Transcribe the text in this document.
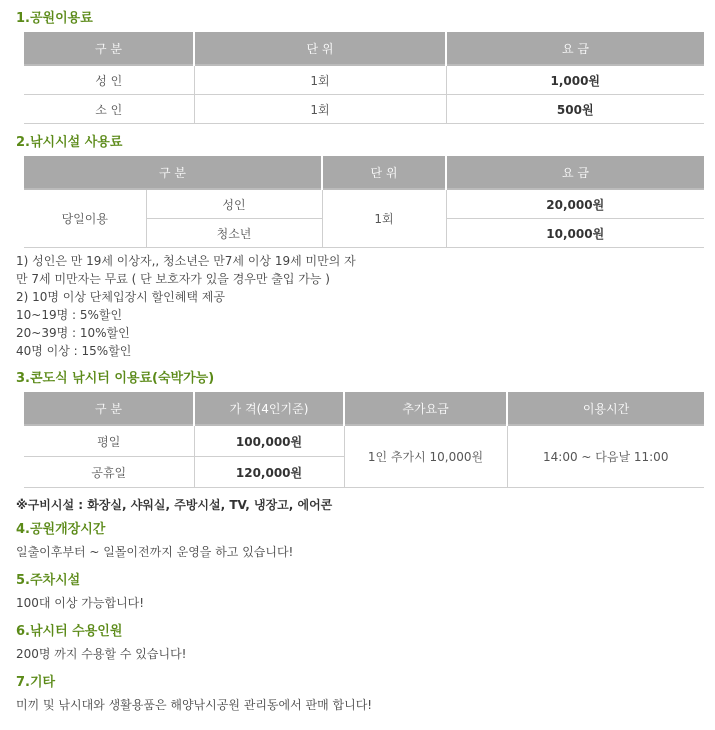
1.공원이용료
구 분	단 위	요 금
성 인	1회	1,000원
소 인	1회	500원
2.낚시시설 사용료
구 분		단 위	요 금
당일이용	성인	1회	20,000원
	청소년		10,000원
1) 성인은 만 19세 이상자,, 청소년은 만7세 이상 19세 미만의 자
만 7세 미만자는 무료 ( 단 보호자가 있을 경우만 출입 가능 )
2) 10명 이상 단체입장시 할인혜택 제공
10~19명 : 5%할인
20~39명 : 10%할인
40명 이상 : 15%할인
3.콘도식 낚시터 이용료(숙박가능)
구 분	가 격(4인기준)	추가요금	이용시간
평일	100,000원	1인 추가시 10,000원	14:00 ~ 다음날 11:00
공휴일	120,000원		
※구비시설 : 화장실, 샤워실, 주방시설, TV, 냉장고, 에어콘
4.공원개장시간

일출이후부터 ~ 일몰이전까지 운영을 하고 있습니다!

5.주차시설

100대 이상 가능합니다!

6.낚시터 수용인원

200명 까지 수용할 수 있습니다!

7.기타

미끼 및 낚시대와 생활용품은 해양낚시공원 관리동에서 판매 합니다!
